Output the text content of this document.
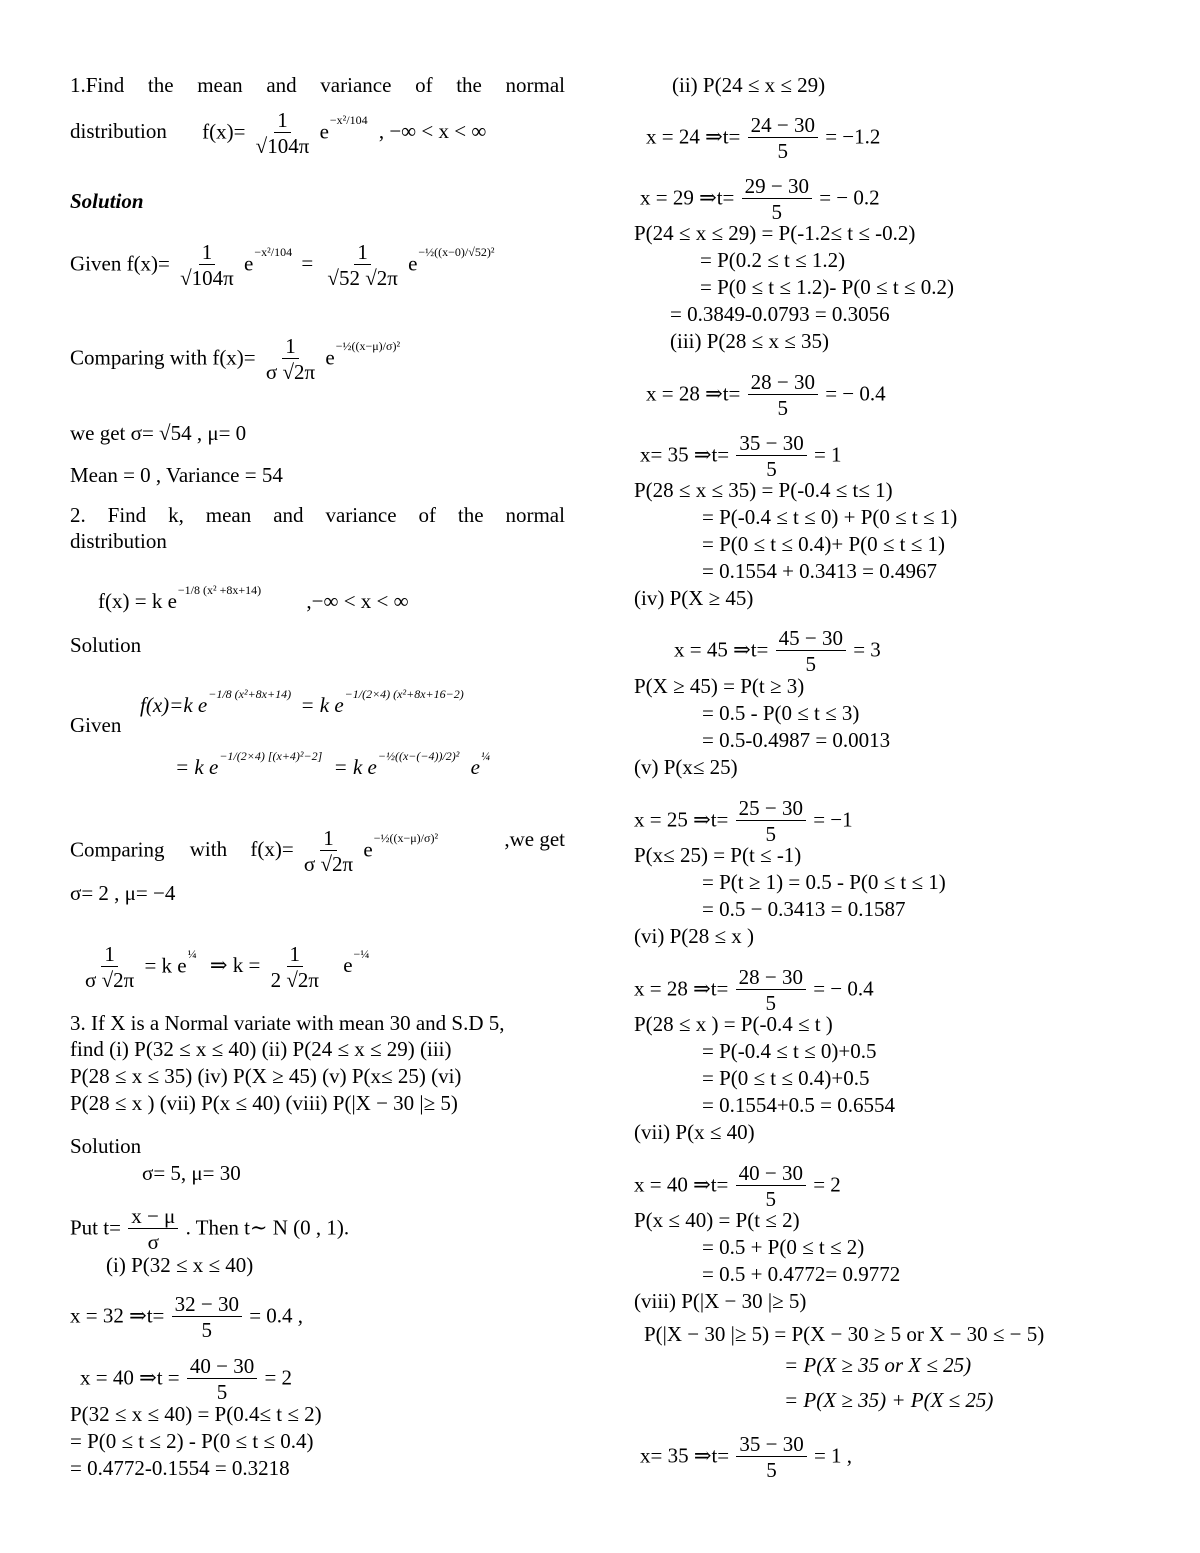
1.Find the mean and variance of the normal
distribution $f(x)= \frac{1}{√104\pi} e^{-x^2/104}$ , −∞ < x < ∞
Solution
Given $f(x)= \frac{1}{√104\pi} e^{-x^2/104} = \frac{1}{√52 √2\pi} e^{-\frac{1}{2}((x-0)/√52)^2}$
Comparing with $f(x)= \frac{1}{\sigma √2\pi} e^{-\frac{1}{2}((x-\mu)/\sigma)^2}$
we get σ= √54 , μ= 0
Mean = 0 , Variance = 54
2. Find k, mean and variance of the normal
distribution
f(x) = k $e^{-1/8 (x^2 +8x+14)}$ ,−∞ < x < ∞
Solution
Given
f(x)=k $e^{-1/8 (x^2+8x+14)} = k$ $e^{-1/(2\times 4) (x^2+8x+16-2)}$
= k $e^{-1/(2\times 4) [(x+4)^2-2]} = k$ $e^{-\frac{1}{2}((x-(-4))/2)^2}$ $e^{\frac{1}{4}}$
Comparing with $f(x)= \frac{1}{\sigma √2\pi} e^{-\frac{1}{2}((x-\mu)/\sigma)^2}$	,we get
σ= 2 , μ= −4
$\frac{1}{\sigma √2\pi} = k$ $e^{\frac{1}{4}}$ ⇒ $k = \frac{1}{2 √2\pi} e^{-\frac{1}{4}}$
3. If X is a Normal variate with mean 30 and S.D 5,
find (i) P(32 ≤ x ≤ 40) (ii) P(24 ≤ x ≤ 29) (iii)
P(28 ≤ x ≤ 35) (iv) P(X ≥ 45) (v) P(x≤ 25) (vi)
P(28 ≤ x ) (vii) P(x ≤ 40) (viii) P(|X − 30 |≥ 5)
Solution
σ= 5, μ= 30
Put $t= \frac{x - \mu}{\sigma}$ . Then t∼ N (0 , 1).
(i) P(32 ≤ x ≤ 40)
x = 32 ⇒t= $\frac{32 - 30}{5} = 0.4$ ,
x = 40 ⇒t = $\frac{40 - 30}{5} = 2$
P(32 ≤ x ≤ 40) = P(0.4≤ t ≤ 2)
= P(0 ≤ t ≤ 2) - P(0 ≤ t ≤ 0.4)
= 0.4772-0.1554 = 0.3218
(ii) P(24 ≤ x ≤ 29)
x = 24 ⇒t= $\frac{24 - 30}{5} = -1.2$
x = 29 ⇒t= $\frac{29 - 30}{5}$ = − 0.2
P(24 ≤ x ≤ 29) = P(-1.2≤ t ≤ -0.2)
= P(0.2 ≤ t ≤ 1.2)
= P(0 ≤ t ≤ 1.2)- P(0 ≤ t ≤ 0.2)
= 0.3849-0.0793 = 0.3056
(iii) P(28 ≤ x ≤ 35)
x = 28 ⇒t= $\frac{28 - 30}{5}$ = − 0.4
x= 35 ⇒t= $\frac{35 - 30}{5} = 1$
P(28 ≤ x ≤ 35) = P(-0.4 ≤ t≤ 1)
= P(-0.4 ≤ t ≤ 0) + P(0 ≤ t ≤ 1)
= P(0 ≤ t ≤ 0.4)+ P(0 ≤ t ≤ 1)
= 0.1554 + 0.3413 = 0.4967
(iv) P(X ≥ 45)
x = 45 ⇒t= $\frac{45 - 30}{5} = 3$
P(X ≥ 45) = P(t ≥ 3)
= 0.5 - P(0 ≤ t ≤ 3)
= 0.5-0.4987 = 0.0013
(v) P(x≤ 25)
x = 25 ⇒t= $\frac{25 - 30}{5} = -1$
P(x≤ 25) = P(t ≤ -1)
= P(t ≥ 1) = 0.5 - P(0 ≤ t ≤ 1)
= 0.5 − 0.3413 = 0.1587
(vi) P(28 ≤ x )
x = 28 ⇒t= $\frac{28 - 30}{5}$ = − 0.4
P(28 ≤ x ) = P(-0.4 ≤ t )
= P(-0.4 ≤ t ≤ 0)+0.5
= P(0 ≤ t ≤ 0.4)+0.5
= 0.1554+0.5 = 0.6554
(vii) P(x ≤ 40)
x = 40 ⇒t= $\frac{40 - 30}{5} = 2$
P(x ≤ 40) = P(t ≤ 2)
= 0.5 + P(0 ≤ t ≤ 2)
= 0.5 + 0.4772= 0.9772
(viii) P(|X − 30 |≥ 5)
P(|X − 30 |≥ 5) = P(X − 30 ≥ 5 or X − 30 ≤ − 5)
= P(X ≥ 35 or X ≤ 25)
= P(X ≥ 35) + P(X ≤ 25)
x= 35 ⇒t= $\frac{35 - 30}{5} = 1$ ,
